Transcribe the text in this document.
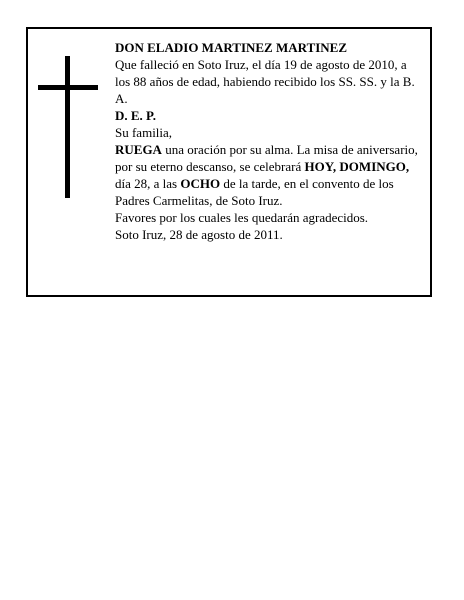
DON ELADIO MARTINEZ MARTINEZ

Que falleció en Soto Iruz, el día 19 de agosto de 2010, a los 88 años de edad, habiendo recibido los SS. SS. y la B. A.

D. E. P.

Su familia,

RUEGA una oración por su alma. La misa de aniversario, por su eterno descanso, se celebrará HOY, DOMINGO, día 28, a las OCHO de la tarde, en el convento de los Padres Carmelitas, de Soto Iruz.

Favores por los cuales les quedarán agradecidos.

Soto Iruz, 28 de agosto de 2011.
